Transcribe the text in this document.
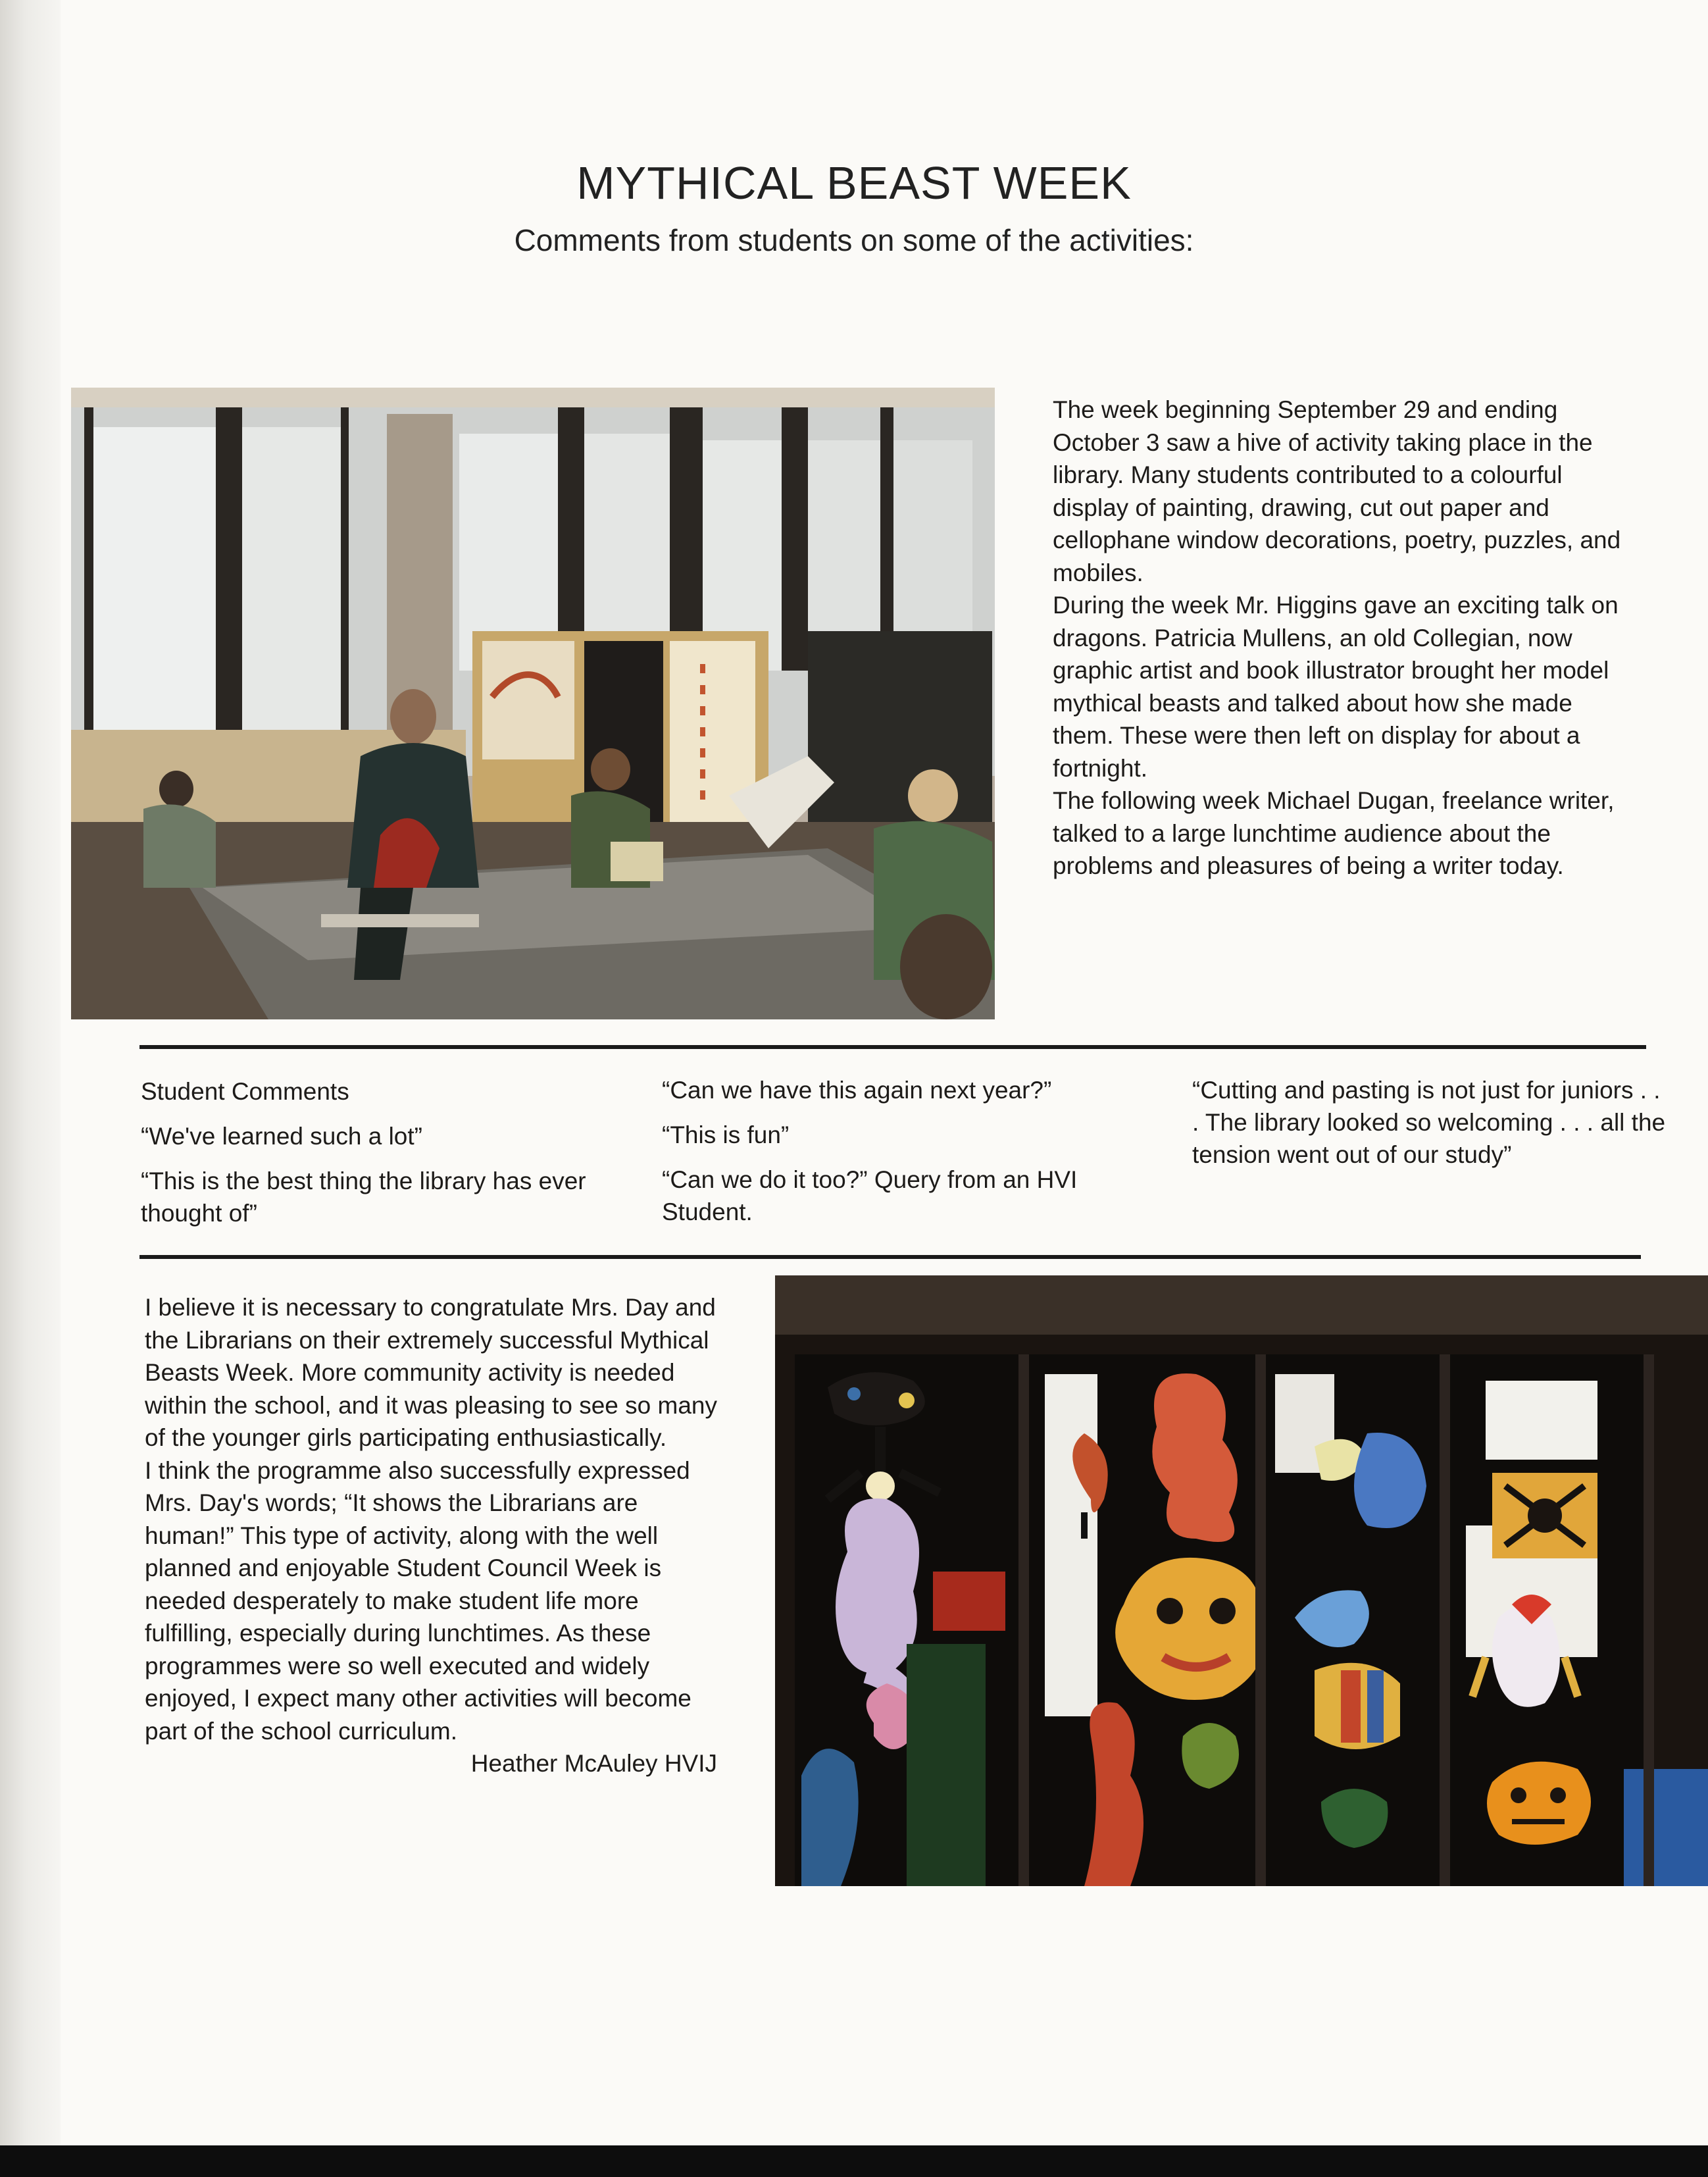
MYTHICAL BEAST WEEK
Comments from students on some of the activities:

The week beginning September 29 and ending October 3 saw a hive of activity taking place in the library. Many students contributed to a colourful display of painting, drawing, cut out paper and cellophane window decorations, poetry, puzzles, and mobiles.

During the week Mr. Higgins gave an exciting talk on dragons. Patricia Mullens, an old Collegian, now graphic artist and book illustrator brought her model mythical beasts and talked about how she made them. These were then left on display for about a fortnight.

The following week Michael Dugan, freelance writer, talked to a large lunchtime audience about the problems and pleasures of being a writer today.

Student Comments

“We've learned such a lot”

“This is the best thing the library has ever thought of”

“Can we have this again next year?”

“This is fun”

“Can we do it too?” Query from an HVI Student.

“Cutting and pasting is not just for juniors . . . The library looked so welcoming . . . all the tension went out of our study”

I believe it is necessary to congratulate Mrs. Day and the Librarians on their extremely successful Mythical Beasts Week. More community activity is needed within the school, and it was pleasing to see so many of the younger girls participating enthusiastically.

I think the programme also successfully expressed Mrs. Day's words; “It shows the Librarians are human!” This type of activity, along with the well planned and enjoyable Student Council Week is needed desperately to make student life more fulfilling, especially during lunchtimes. As these programmes were so well executed and widely enjoyed, I expect many other activities will become part of the school curriculum.

Heather McAuley HVIJ
